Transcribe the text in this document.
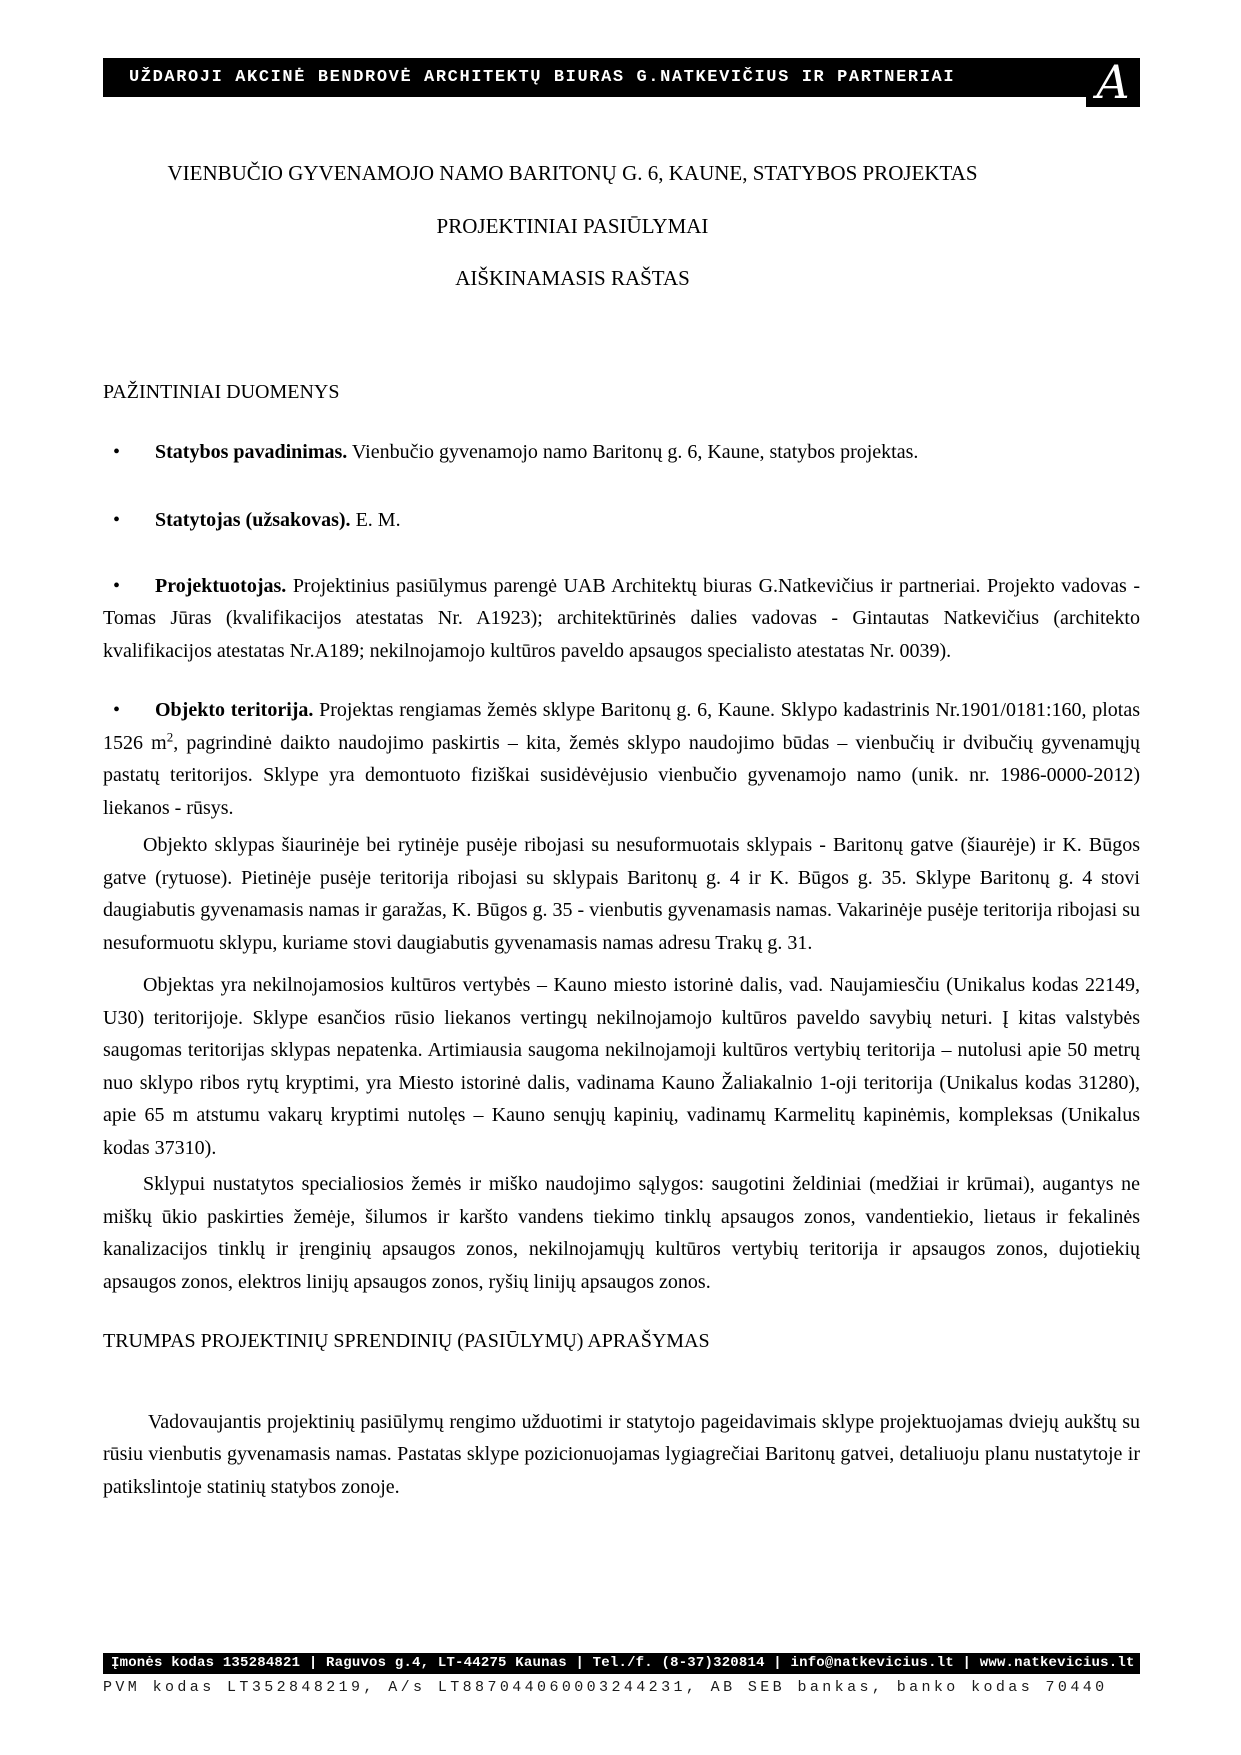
UŽDAROJI AKCINĖ BENDROVĖ ARCHITEKTŲ BIURAS G.NATKEVIČIUS IR PARTNERIAI	A

VIENBUČIO GYVENAMOJO NAMO BARITONŲ G. 6, KAUNE, STATYBOS PROJEKTAS

PROJEKTINIAI PASIŪLYMAI

AIŠKINAMASIS RAŠTAS

PAŽINTINIAI DUOMENYS

• Statybos pavadinimas. Vienbučio gyvenamojo namo Baritonų g. 6, Kaune, statybos projektas.

• Statytojas (užsakovas). E. M.

• Projektuotojas. Projektinius pasiūlymus parengė UAB Architektų biuras G.Natkevičius ir partneriai. Projekto vadovas - Tomas Jūras (kvalifikacijos atestatas Nr. A1923); architektūrinės dalies vadovas - Gintautas Natkevičius (architekto kvalifikacijos atestatas Nr.A189; nekilnojamojo kultūros paveldo apsaugos specialisto atestatas Nr. 0039).

• Objekto teritorija. Projektas rengiamas žemės sklype Baritonų g. 6, Kaune. Sklypo kadastrinis Nr.1901/0181:160, plotas 1526 $m^2$, pagrindinė daikto naudojimo paskirtis – kita, žemės sklypo naudojimo būdas – vienbučių ir dvibučių gyvenamųjų pastatų teritorijos. Sklype yra demontuoto fiziškai susidėvėjusio vienbučio gyvenamojo namo (unik. nr. 1986-0000-2012) liekanos - rūsys.

Objekto sklypas šiaurinėje bei rytinėje pusėje ribojasi su nesuformuotais sklypais - Baritonų gatve (šiaurėje) ir K. Būgos gatve (rytuose). Pietinėje pusėje teritorija ribojasi su sklypais Baritonų g. 4 ir K. Būgos g. 35. Sklype Baritonų g. 4 stovi daugiabutis gyvenamasis namas ir garažas, K. Būgos g. 35 - vienbutis gyvenamasis namas. Vakarinėje pusėje teritorija ribojasi su nesuformuotu sklypu, kuriame stovi daugiabutis gyvenamasis namas adresu Trakų g. 31.

Objektas yra nekilnojamosios kultūros vertybės – Kauno miesto istorinė dalis, vad. Naujamiesčiu (Unikalus kodas 22149, U30) teritorijoje. Sklype esančios rūsio liekanos vertingų nekilnojamojo kultūros paveldo savybių neturi. Į kitas valstybės saugomas teritorijas sklypas nepatenka. Artimiausia saugoma nekilnojamoji kultūros vertybių teritorija – nutolusi apie 50 metrų nuo sklypo ribos rytų kryptimi, yra Miesto istorinė dalis, vadinama Kauno Žaliakalnio 1-oji teritorija (Unikalus kodas 31280), apie 65 m atstumu vakarų kryptimi nutolęs – Kauno senųjų kapinių, vadinamų Karmelitų kapinėmis, kompleksas (Unikalus kodas 37310).

Sklypui nustatytos specialiosios žemės ir miško naudojimo sąlygos: saugotini želdiniai (medžiai ir krūmai), augantys ne miškų ūkio paskirties žemėje, šilumos ir karšto vandens tiekimo tinklų apsaugos zonos, vandentiekio, lietaus ir fekalinės kanalizacijos tinklų ir įrenginių apsaugos zonos, nekilnojamųjų kultūros vertybių teritorija ir apsaugos zonos, dujotiekių apsaugos zonos, elektros linijų apsaugos zonos, ryšių linijų apsaugos zonos.

TRUMPAS PROJEKTINIŲ SPRENDINIŲ (PASIŪLYMŲ) APRAŠYMAS

Vadovaujantis projektinių pasiūlymų rengimo užduotimi ir statytojo pageidavimais sklype projektuojamas dviejų aukštų su rūsiu vienbutis gyvenamasis namas. Pastatas sklype pozicionuojamas lygiagrečiai Baritonų gatvei, detaliuoju planu nustatytoje ir patikslintoje statinių statybos zonoje.

Įmonės kodas 135284821 | Raguvos g.4, LT-44275 Kaunas | Tel./f. (8-37)320814 | info@natkevicius.lt | www.natkevicius.lt
PVM kodas LT352848219, A/s LT887044060003244231, AB SEB bankas, banko kodas 70440
